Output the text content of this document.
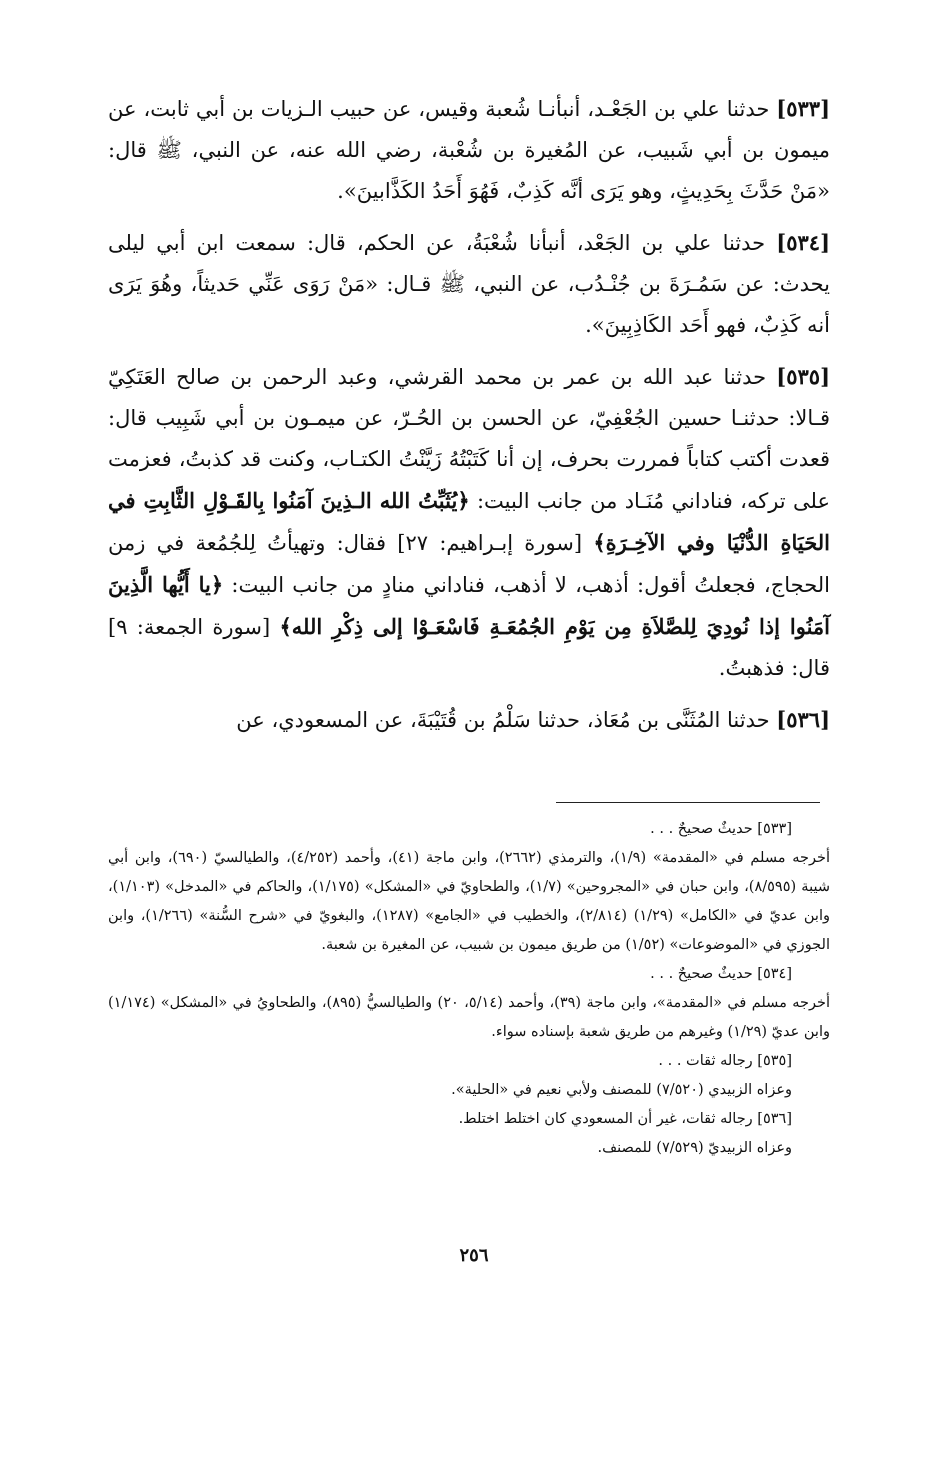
[٥٣٣] حدثنا علي بن الجَعْـد، أنبأنـا شُعبة وقيس، عن حبيب الـزيات بن أبي ثابت، عن ميمون بن أبي شَبيب، عن المُغيرة بن شُعْبة، رضي الله عنه، عن النبي، ﷺ قال: «مَنْ حَدَّثَ بِحَدِيثٍ، وهو يَرَى أنَّه كَذِبٌ، فَهُوَ أَحَدُ الكَذَّابينَ».

[٥٣٤] حدثنا علي بن الجَعْد، أنبأنا شُعْبَةُ، عن الحكم، قال: سمعت ابن أبي ليلى يحدث: عن سَمُـرَةَ بن جُنْـدُب، عن النبي، ﷺ قـال: «مَنْ رَوَى عَنِّي حَديثاً، وهُوَ يَرَى أنه كَذِبٌ، فهو أَحَد الكَاذِبِينَ».

[٥٣٥] حدثنا عبد الله بن عمر بن محمد القرشي، وعبد الرحمن بن صالح العَتَكِيّ قـالا: حدثنـا حسين الجُعْفِيّ، عن الحسن بن الحُـرّ، عن ميمـون بن أبي شَبِيب قال: قعدت أكتب كتاباً فمررت بحرف، إن أنا كَتَبْتُهُ زَيَّنْتُ الكتـاب، وكنت قد كذبتُ، فعزمت على تركه، فناداني مُنَـاد من جانب البيت: ﴿يُثَبِّتُ الله الـذِينَ آمَنُوا بِالقَـوْلِ الثَّابِتِ في الحَيَاةِ الدُّنْيَا وفي الآخِـرَةِ﴾ [سورة إبـراهيم: ٢٧] فقال: وتهيأتُ لِلجُمُعة في زمن الحجاج، فجعلتُ أقول: أذهب، لا أذهب، فناداني منادٍ من جانب البيت: ﴿يا أَيُّها الَّذِينَ آمَنُوا إذا نُودِيَ لِلصَّلاَةِ مِن يَوْمِ الجُمُعَـةِ فَاسْعَـوْا إلى ذِكْرِ الله﴾ [سورة الجمعة: ٩] قال: فذهبتُ.

[٥٣٦] حدثنا المُثَنَّى بن مُعَاذ، حدثنا سَلْمُ بن قُتَيْبَةَ، عن المسعودي، عن

[٥٣٣] حديثٌ صحيحٌ . . .

أخرجه مسلم في «المقدمة» (١/٩)، والترمذي (٢٦٦٢)، وابن ماجة (٤١)، وأحمد (٤/٢٥٢)، والطيالسيّ (٦٩٠)، وابن أبي شيبة (٨/٥٩٥)، وابن حبان في «المجروحين» (١/٧)، والطحاويّ في «المشكل» (١/١٧٥)، والحاكم في «المدخل» (١/١٠٣)، وابن عديّ في «الكامل» (١/٢٩) (٢/٨١٤)، والخطيب في «الجامع» (١٢٨٧)، والبغويّ في «شرح السُّنة» (١/٢٦٦)، وابن الجوزي في «الموضوعات» (١/٥٢) من طريق ميمون بن شبيب، عن المغيرة بن شعبة.

[٥٣٤] حديثٌ صحيحٌ . . .

أخرجه مسلم في «المقدمة»، وابن ماجة (٣٩)، وأحمد (٥/١٤، ٢٠) والطيالسيُّ (٨٩٥)، والطحاويُ في «المشكل» (١/١٧٤) وابن عديّ (١/٢٩) وغيرهم من طريق شعبة بإسناده سواء.

[٥٣٥] رجاله ثقات . . .

وعزاه الزبيدي (٧/٥٢٠) للمصنف ولأبي نعيم في «الحلية».

[٥٣٦] رجاله ثقات، غير أن المسعودي كان اختلط اختلط.

وعزاه الزبيديّ (٧/٥٢٩) للمصنف.

٢٥٦
